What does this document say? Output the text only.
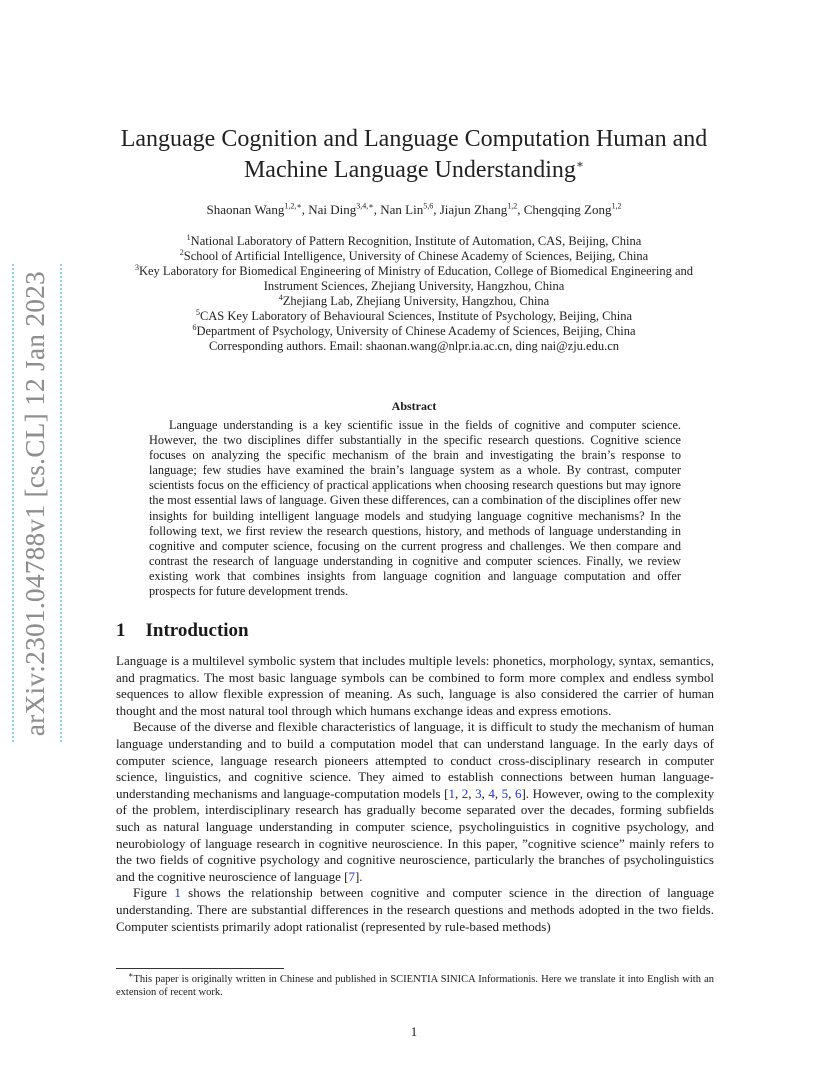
arXiv:2301.04788v1 [cs.CL] 12 Jan 2023
Language Cognition and Language Computation Human and
Machine Language Understanding∗
Shaonan Wang$^{1,2,∗}$, Nai Ding$^{3,4,∗}$, Nan Lin$^{5,6}$, Jiajun Zhang$^{1,2}$, Chengqing Zong$^{1,2}$
$^1$National Laboratory of Pattern Recognition, Institute of Automation, CAS, Beijing, China
$^2$School of Artificial Intelligence, University of Chinese Academy of Sciences, Beijing, China
$^3$Key Laboratory for Biomedical Engineering of Ministry of Education, College of Biomedical Engineering and Instrument Sciences, Zhejiang University, Hangzhou, China
$^4$Zhejiang Lab, Zhejiang University, Hangzhou, China
$^5$CAS Key Laboratory of Behavioural Sciences, Institute of Psychology, Beijing, China
$^6$Department of Psychology, University of Chinese Academy of Sciences, Beijing, China
Corresponding authors. Email: shaonan.wang@nlpr.ia.ac.cn, ding nai@zju.edu.cn
Abstract

Language understanding is a key scientific issue in the fields of cognitive and computer science. However, the two disciplines differ substantially in the specific research questions. Cognitive science focuses on analyzing the specific mechanism of the brain and investigating the brain’s response to language; few studies have examined the brain’s language system as a whole. By contrast, computer scientists focus on the efficiency of practical applications when choosing research questions but may ignore the most essential laws of language. Given these differences, can a combination of the disciplines offer new insights for building intelligent language models and studying language cognitive mechanisms? In the following text, we first review the research questions, history, and methods of language understanding in cognitive and computer science, focusing on the current progress and challenges. We then compare and contrast the research of language understanding in cognitive and computer sciences. Finally, we review existing work that combines insights from language cognition and language computation and offer prospects for future development trends.

1 Introduction

Language is a multilevel symbolic system that includes multiple levels: phonetics, morphology, syntax, semantics, and pragmatics. The most basic language symbols can be combined to form more complex and endless symbol sequences to allow flexible expression of meaning. As such, language is also considered the carrier of human thought and the most natural tool through which humans exchange ideas and express emotions.

Because of the diverse and flexible characteristics of language, it is difficult to study the mechanism of human language understanding and to build a computation model that can understand language. In the early days of computer science, language research pioneers attempted to conduct cross-disciplinary research in computer science, linguistics, and cognitive science. They aimed to establish connections between human language-understanding mechanisms and language-computation models [1, 2, 3, 4, 5, 6]. However, owing to the complexity of the problem, interdisciplinary research has gradually become separated over the decades, forming subfields such as natural language understanding in computer science, psycholinguistics in cognitive psychology, and neurobiology of language research in cognitive neuroscience. In this paper, ”cognitive science” mainly refers to the two fields of cognitive psychology and cognitive neuroscience, particularly the branches of psycholinguistics and the cognitive neuroscience of language [7].

Figure 1 shows the relationship between cognitive and computer science in the direction of language understanding. There are substantial differences in the research questions and methods adopted in the two fields. Computer scientists primarily adopt rationalist (represented by rule-based methods)

∗This paper is originally written in Chinese and published in SCIENTIA SINICA Informationis. Here we translate it into English with an extension of recent work.
1
